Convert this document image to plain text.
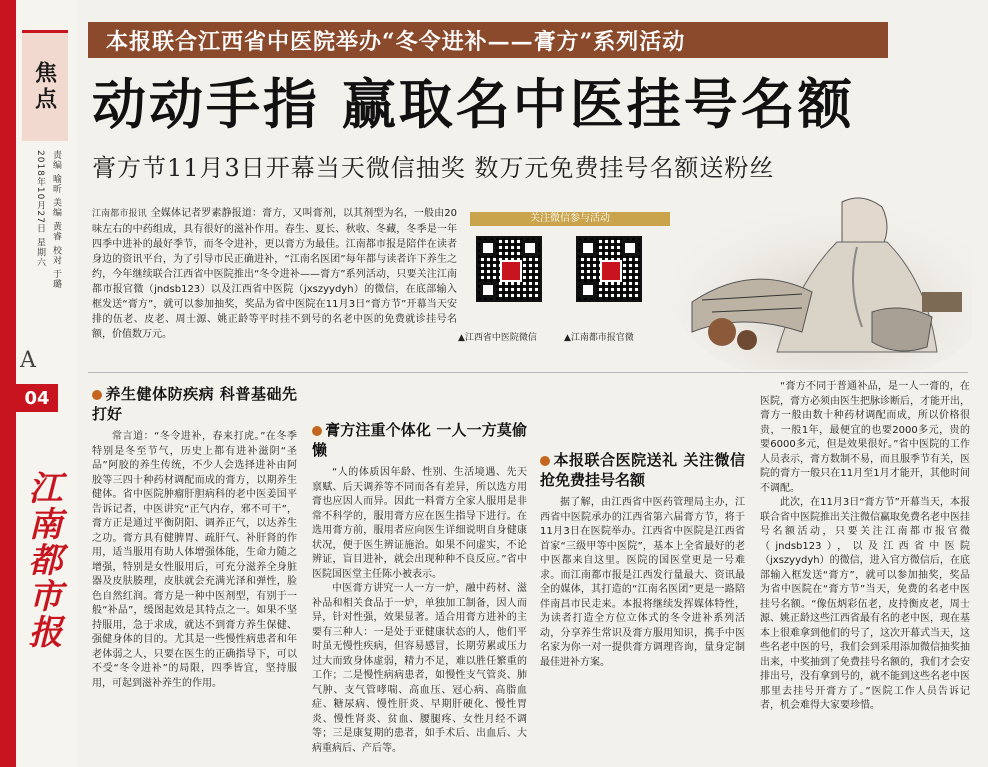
焦点
责编 喻昕 美编 黄睿 校对 于璐
2018年10月27日 星期六
A
04
江南都市报
本报联合江西省中医院举办“冬令进补——膏方”系列活动
动动手指 赢取名中医挂号名额
膏方节11月3日开幕当天微信抽奖 数万元免费挂号名额送粉丝
江南都市报讯 全媒体记者罗素静报道：膏方，又叫膏剂，以其剂型为名，一般由20味左右的中药组成，具有很好的滋补作用。春生、夏长、秋收、冬藏，冬季是一年四季中进补的最好季节，而冬令进补，更以膏方为最佳。江南都市报是陪伴在读者身边的资讯平台，为了引导市民正确进补，“江南名医团”每年都与读者许下养生之约，今年继续联合江西省中医院推出“冬令进补——膏方”系列活动，只要关注江南都市报官微（jndsb123）以及江西省中医院（jxszyydyh）的微信，在底部输入框发送“膏方”，就可以参加抽奖，奖品为省中医院在11月3日“膏方节”开幕当天安排的伍老、皮老、周士源、姚正龄等平时挂不到号的名老中医的免费就诊挂号名额，价值数万元。
关注微信参与活动
▲江西省中医院微信	▲江南都市报官微
养生健体防疾病 科普基础先打好

常言道：“冬令进补，春来打虎。”在冬季特别是冬至节气，历史上都有进补滋阴“圣品”阿胶的养生传统，不少人会选择进补由阿胶等三四十种药材调配而成的膏方，以期养生健体。省中医院肿瘤肝胆病科的老中医姜国平告诉记者，中医讲究“正气内存，邪不可干”，膏方正是通过平衡阴阳、调养正气，以达养生之功。膏方具有健脾胃、疏肝气、补肝肾的作用，适当服用有助人体增强体能，生命力随之增强，特别是女性服用后，可充分滋养全身脏器及皮肤腠理，皮肤就会充满光泽和弹性，脸色自然红润。膏方是一种中医剂型，有别于一般“补品”，缓图起效是其特点之一。如果不坚持服用，急于求成，就达不到膏方养生保健、强健身体的目的。尤其是一些慢性病患者和年老体弱之人，只要在医生的正确指导下，可以不受“冬令进补”的局限，四季皆宜，坚持服用，可起到滋补养生的作用。

膏方注重个体化 一人一方莫偷懒

“人的体质因年龄、性别、生活境遇、先天禀赋、后天调养等不同而各有差异，所以选方用膏也应因人而异。因此一料膏方全家人服用是非常不科学的，服用膏方应在医生指导下进行。在选用膏方前，服用者应向医生详细说明自身健康状况，便于医生辨证施治。如果不问虚实，不论辨证，盲目进补，就会出现种种不良反应。”省中医院国医堂主任陈小被表示。

中医膏方讲究一人一方一炉，融中药材、滋补品和相关食品于一炉，单独加工制备，因人而异，针对性强，效果显著。适合用膏方进补的主要有三种人：一是处于亚健康状态的人，他们平时虽无慢性疾病，但容易感冒，长期劳累或压力过大而致身体虚弱，精力不足，难以胜任繁重的工作；二是慢性病病患者，如慢性支气管炎、肺气肿、支气管哮喘、高血压、冠心病、高脂血症、糖尿病、慢性肝炎、早期肝硬化、慢性胃炎、慢性肾炎、贫血、腰腿疼、女性月经不调等；三是康复期的患者，如手术后、出血后、大病重病后、产后等。

本报联合医院送礼 关注微信抢免费挂号名额

据了解，由江西省中医药管理局主办，江西省中医院承办的江西省第六届膏方节，将于11月3日在医院举办。江西省中医院是江西省首家“三级甲等中医院”，基本上全省最好的老中医都来自这里。医院的国医堂更是一号难求。而江南都市报是江西发行量最大、资讯最全的媒体，其打造的“江南名医团”更是一路陪伴南昌市民走来。本报将继续发挥媒体特性，为读者打造全方位立体式的冬令进补系列活动，分享养生常识及膏方服用知识，携手中医名家为你一对一提供膏方调理咨询，量身定制最佳进补方案。

“膏方不同于普通补品，是一人一膏的，在医院，膏方必须由医生把脉诊断后，才能开出，膏方一般由数十种药材调配而成，所以价格很贵，一般1年，最便宜的也要2000多元，贵的要6000多元，但是效果很好。”省中医院的工作人员表示，膏方数制不易，而且服季节有关，医院的膏方一般只在11月至1月才能开，其他时间不调配。

此次，在11月3日“膏方节”开幕当天，本报联合省中医院推出关注微信赢取免费名老中医挂号名额活动，只要关注江南都市报官微（jndsb123），以及江西省中医院（jxszyydyh）的微信，进入官方微信后，在底部输入框发送“膏方”，就可以参加抽奖，奖品为省中医院在“膏方节”当天，免费的名老中医挂号名额。“像伍炳彩伍老，皮持衡皮老，周士源、姚正龄这些江西省最有名的老中医，现在基本上很难拿到他们的号了，这次开幕式当天，这些名老中医的号，我们会到采用添加微信抽奖抽出来，中奖抽到了免费挂号名额的，我们才会安排出号，没有拿到号的，就不能到这些名老中医那里去挂号开膏方了。”医院工作人员告诉记者，机会难得大家要珍惜。
